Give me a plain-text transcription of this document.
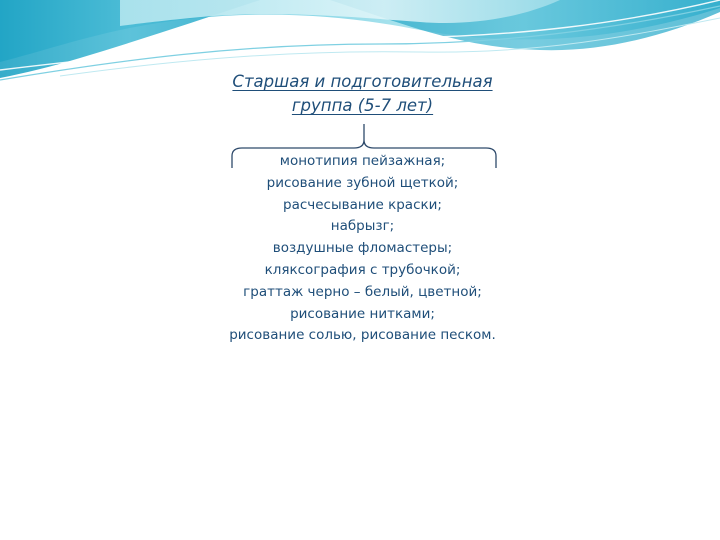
Старшая и подготовительная
группа (5-7 лет)
монотипия пейзажная;
рисование зубной щеткой;
расчесывание краски;
набрызг;
воздушные фломастеры;
кляксография с трубочкой;
граттаж черно – белый, цветной;
рисование нитками;
рисование солью, рисование песком.
